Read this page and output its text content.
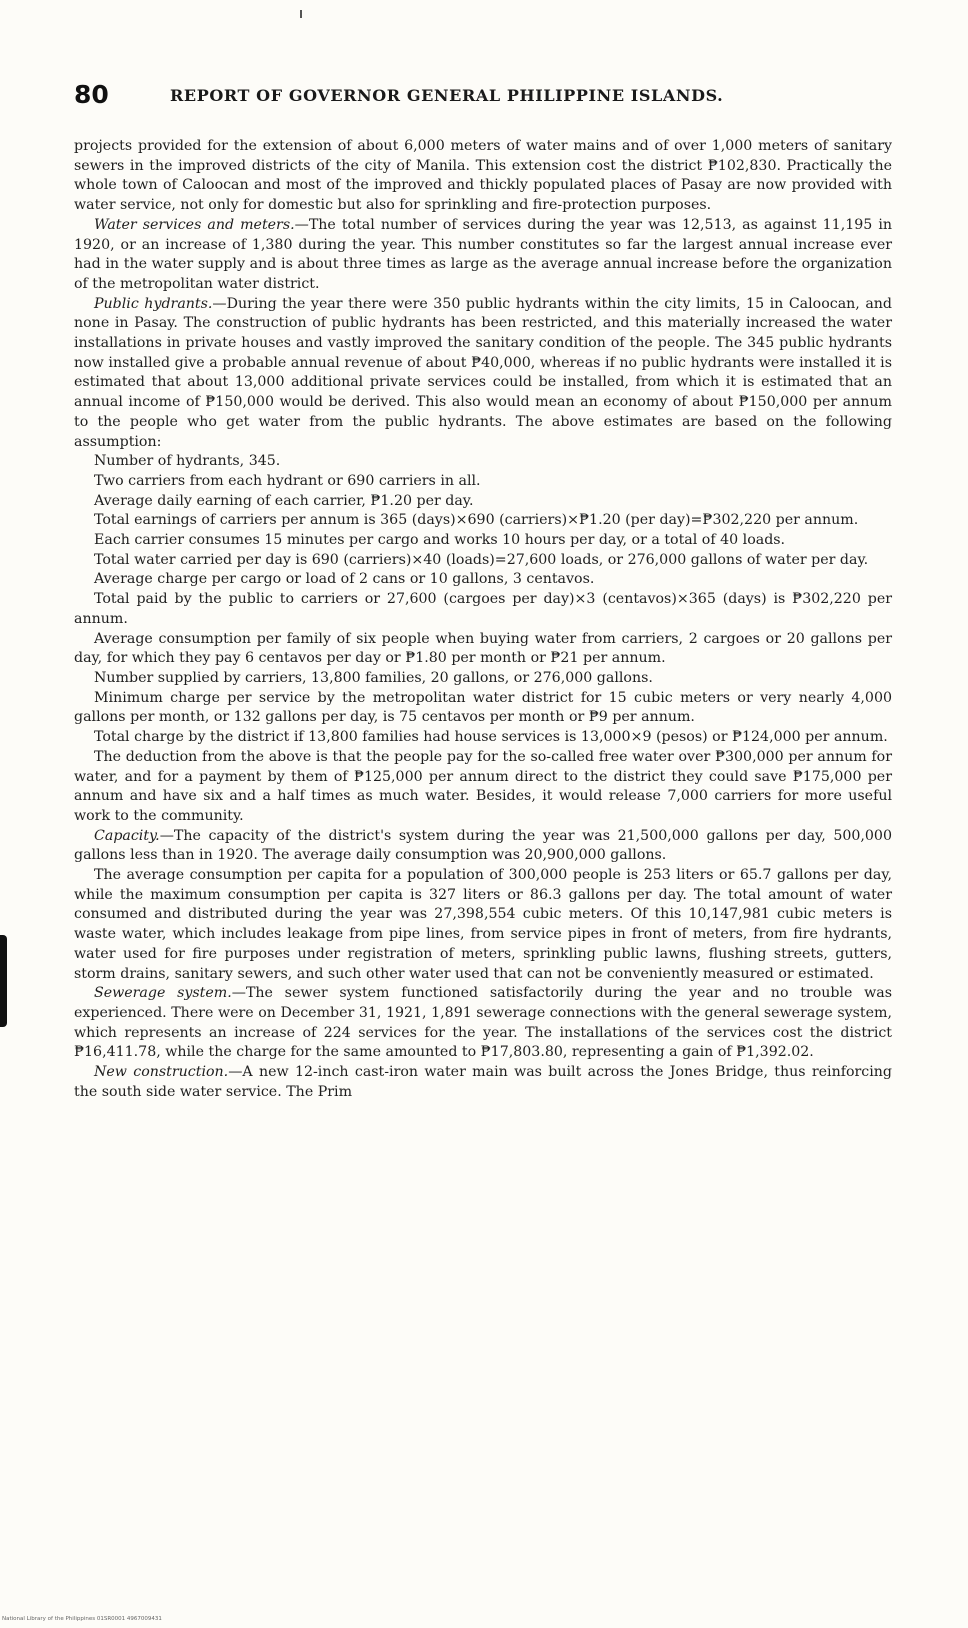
80	REPORT OF GOVERNOR GENERAL PHILIPPINE ISLANDS.

projects provided for the extension of about 6,000 meters of water mains and of over 1,000 meters of sanitary sewers in the improved districts of the city of Manila. This extension cost the district ₱102,830. Practically the whole town of Caloocan and most of the improved and thickly populated places of Pasay are now provided with water service, not only for domestic but also for sprinkling and fire-protection purposes.

Water services and meters.—The total number of services during the year was 12,513, as against 11,195 in 1920, or an increase of 1,380 during the year. This number constitutes so far the largest annual increase ever had in the water supply and is about three times as large as the average annual increase before the organization of the metropolitan water district.

Public hydrants.—During the year there were 350 public hydrants within the city limits, 15 in Caloocan, and none in Pasay. The construction of public hydrants has been restricted, and this materially increased the water installations in private houses and vastly improved the sanitary condition of the people. The 345 public hydrants now installed give a probable annual revenue of about ₱40,000, whereas if no public hydrants were installed it is estimated that about 13,000 additional private services could be installed, from which it is estimated that an annual income of ₱150,000 would be derived. This also would mean an economy of about ₱150,000 per annum to the people who get water from the public hydrants. The above estimates are based on the following assumption:

Number of hydrants, 345.

Two carriers from each hydrant or 690 carriers in all.

Average daily earning of each carrier, ₱1.20 per day.

Total earnings of carriers per annum is 365 (days)×690 (carriers)×₱1.20 (per day)=₱302,220 per annum.

Each carrier consumes 15 minutes per cargo and works 10 hours per day, or a total of 40 loads.

Total water carried per day is 690 (carriers)×40 (loads)=27,600 loads, or 276,000 gallons of water per day.

Average charge per cargo or load of 2 cans or 10 gallons, 3 centavos.

Total paid by the public to carriers or 27,600 (cargoes per day)×3 (centavos)×365 (days) is ₱302,220 per annum.

Average consumption per family of six people when buying water from carriers, 2 cargoes or 20 gallons per day, for which they pay 6 centavos per day or ₱1.80 per month or ₱21 per annum.

Number supplied by carriers, 13,800 families, 20 gallons, or 276,000 gallons.

Minimum charge per service by the metropolitan water district for 15 cubic meters or very nearly 4,000 gallons per month, or 132 gallons per day, is 75 centavos per month or ₱9 per annum.

Total charge by the district if 13,800 families had house services is 13,000×9 (pesos) or ₱124,000 per annum.

The deduction from the above is that the people pay for the so-called free water over ₱300,000 per annum for water, and for a payment by them of ₱125,000 per annum direct to the district they could save ₱175,000 per annum and have six and a half times as much water. Besides, it would release 7,000 carriers for more useful work to the community.

Capacity.—The capacity of the district's system during the year was 21,500,000 gallons per day, 500,000 gallons less than in 1920. The average daily consumption was 20,900,000 gallons.

The average consumption per capita for a population of 300,000 people is 253 liters or 65.7 gallons per day, while the maximum consumption per capita is 327 liters or 86.3 gallons per day. The total amount of water consumed and distributed during the year was 27,398,554 cubic meters. Of this 10,147,981 cubic meters is waste water, which includes leakage from pipe lines, from service pipes in front of meters, from fire hydrants, water used for fire purposes under registration of meters, sprinkling public lawns, flushing streets, gutters, storm drains, sanitary sewers, and such other water used that can not be conveniently measured or estimated.

Sewerage system.—The sewer system functioned satisfactorily during the year and no trouble was experienced. There were on December 31, 1921, 1,891 sewerage connections with the general sewerage system, which represents an increase of 224 services for the year. The installations of the services cost the district ₱16,411.78, while the charge for the same amounted to ₱17,803.80, representing a gain of ₱1,392.02.

New construction.—A new 12-inch cast-iron water main was built across the Jones Bridge, thus reinforcing the south side water service. The Prim

National Library of the Philippines 01SR0001 4967009431
